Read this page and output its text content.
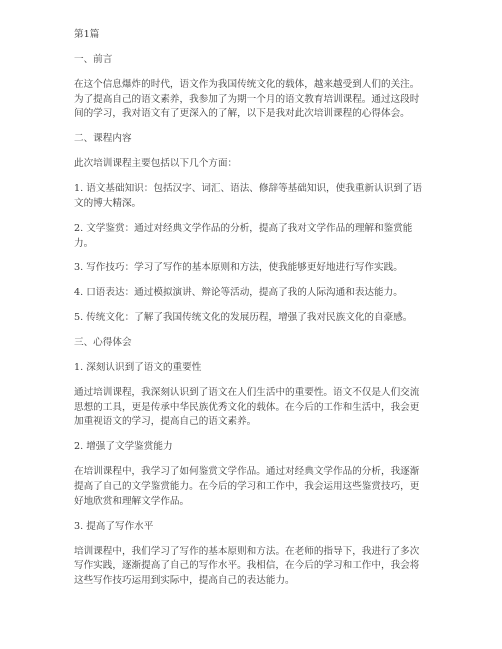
第1篇

一、前言

在这个信息爆炸的时代，语文作为我国传统文化的载体，越来越受到人们的关注。为了提高自己的语文素养，我参加了为期一个月的语文教育培训课程。通过这段时间的学习，我对语文有了更深入的了解，以下是我对此次培训课程的心得体会。

二、课程内容

此次培训课程主要包括以下几个方面：

1. 语文基础知识：包括汉字、词汇、语法、修辞等基础知识，使我重新认识到了语文的博大精深。

2. 文学鉴赏：通过对经典文学作品的分析，提高了我对文学作品的理解和鉴赏能力。

3. 写作技巧：学习了写作的基本原则和方法，使我能够更好地进行写作实践。

4. 口语表达：通过模拟演讲、辩论等活动，提高了我的人际沟通和表达能力。

5. 传统文化：了解了我国传统文化的发展历程，增强了我对民族文化的自豪感。

三、心得体会

1. 深刻认识到了语文的重要性

通过培训课程，我深刻认识到了语文在人们生活中的重要性。语文不仅是人们交流思想的工具，更是传承中华民族优秀文化的载体。在今后的工作和生活中，我会更加重视语文的学习，提高自己的语文素养。

2. 增强了文学鉴赏能力

在培训课程中，我学习了如何鉴赏文学作品。通过对经典文学作品的分析，我逐渐提高了自己的文学鉴赏能力。在今后的学习和工作中，我会运用这些鉴赏技巧，更好地欣赏和理解文学作品。

3. 提高了写作水平

培训课程中，我们学习了写作的基本原则和方法。在老师的指导下，我进行了多次写作实践，逐渐提高了自己的写作水平。我相信，在今后的学习和工作中，我会将这些写作技巧运用到实际中，提高自己的表达能力。
